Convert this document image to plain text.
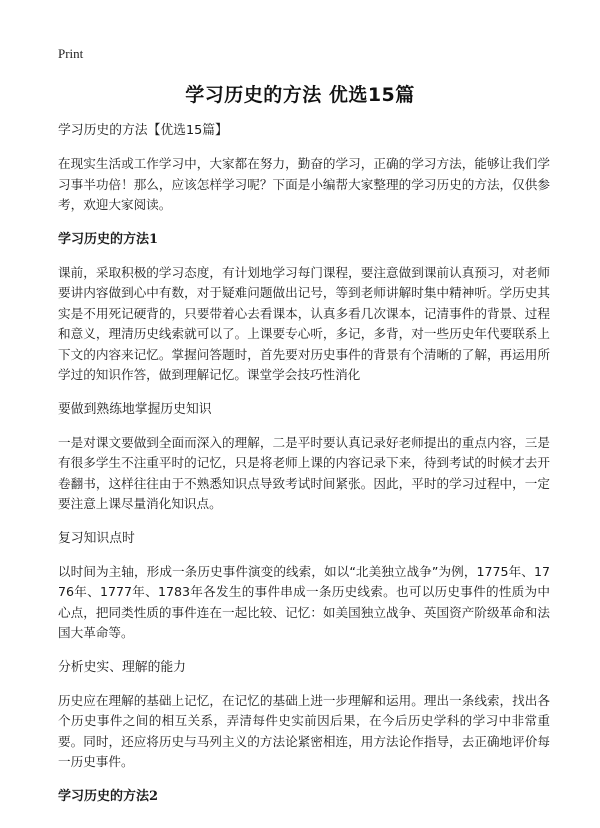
Print
学习历史的方法 优选15篇
学习历史的方法【优选15篇】

在现实生活或工作学习中，大家都在努力，勤奋的学习，正确的学习方法，能够让我们学习事半功倍！那么，应该怎样学习呢？下面是小编帮大家整理的学习历史的方法，仅供参考，欢迎大家阅读。

学习历史的方法1

课前，采取积极的学习态度，有计划地学习每门课程，要注意做到课前认真预习，对老师要讲内容做到心中有数，对于疑难问题做出记号，等到老师讲解时集中精神听。学历史其实是不用死记硬背的，只要带着心去看课本，认真多看几次课本，记清事件的背景、过程和意义，理清历史线索就可以了。上课要专心听，多记，多背，对一些历史年代要联系上下文的内容来记忆。掌握问答题时，首先要对历史事件的背景有个清晰的了解，再运用所学过的知识作答，做到理解记忆。课堂学会技巧性消化

要做到熟练地掌握历史知识

一是对课文要做到全面而深入的理解，二是平时要认真记录好老师提出的重点内容，三是有很多学生不注重平时的记忆，只是将老师上课的内容记录下来，待到考试的时候才去开卷翻书，这样往往由于不熟悉知识点导致考试时间紧张。因此，平时的学习过程中，一定要注意上课尽量消化知识点。

复习知识点时

以时间为主轴，形成一条历史事件演变的线索，如以“北美独立战争”为例，1775年、1776年、1777年、1783年各发生的事件串成一条历史线索。也可以历史事件的性质为中心点，把同类性质的事件连在一起比较、记忆：如美国独立战争、英国资产阶级革命和法国大革命等。

分析史实、理解的能力

历史应在理解的基础上记忆，在记忆的基础上进一步理解和运用。理出一条线索，找出各个历史事件之间的相互关系，弄清每件史实前因后果，在今后历史学科的学习中非常重要。同时，还应将历史与马列主义的方法论紧密相连，用方法论作指导，去正确地评价每一历史事件。

学习历史的方法2
